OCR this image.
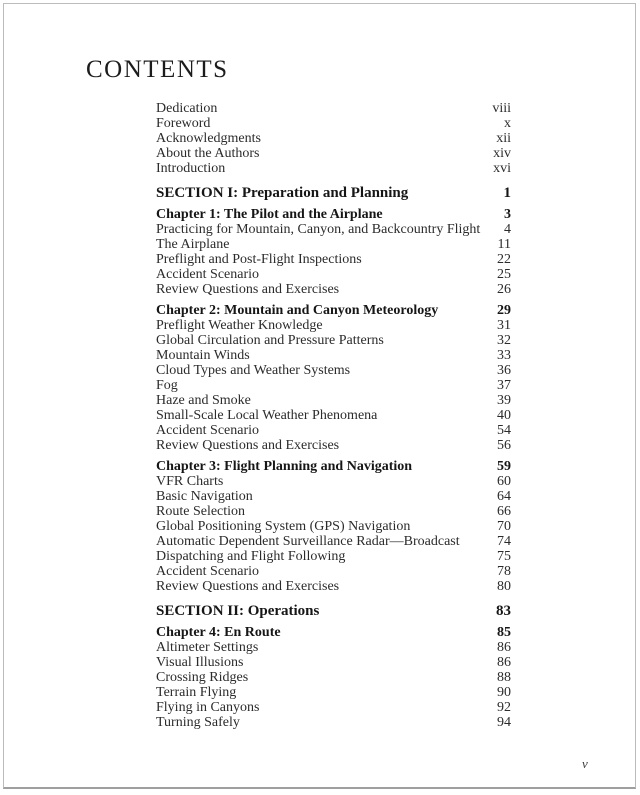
CONTENTS
Dedication	viii
Foreword	x
Acknowledgments	xii
About the Authors	xiv
Introduction	xvi
SECTION I: Preparation and Planning	1
Chapter 1: The Pilot and the Airplane	3
Practicing for Mountain, Canyon, and Backcountry Flight	4
The Airplane	11
Preflight and Post-Flight Inspections	22
Accident Scenario	25
Review Questions and Exercises	26
Chapter 2: Mountain and Canyon Meteorology	29
Preflight Weather Knowledge	31
Global Circulation and Pressure Patterns	32
Mountain Winds	33
Cloud Types and Weather Systems	36
Fog	37
Haze and Smoke	39
Small-Scale Local Weather Phenomena	40
Accident Scenario	54
Review Questions and Exercises	56
Chapter 3: Flight Planning and Navigation	59
VFR Charts	60
Basic Navigation	64
Route Selection	66
Global Positioning System (GPS) Navigation	70
Automatic Dependent Surveillance Radar—Broadcast	74
Dispatching and Flight Following	75
Accident Scenario	78
Review Questions and Exercises	80
SECTION II: Operations	83
Chapter 4: En Route	85
Altimeter Settings	86
Visual Illusions	86
Crossing Ridges	88
Terrain Flying	90
Flying in Canyons	92
Turning Safely	94
v
